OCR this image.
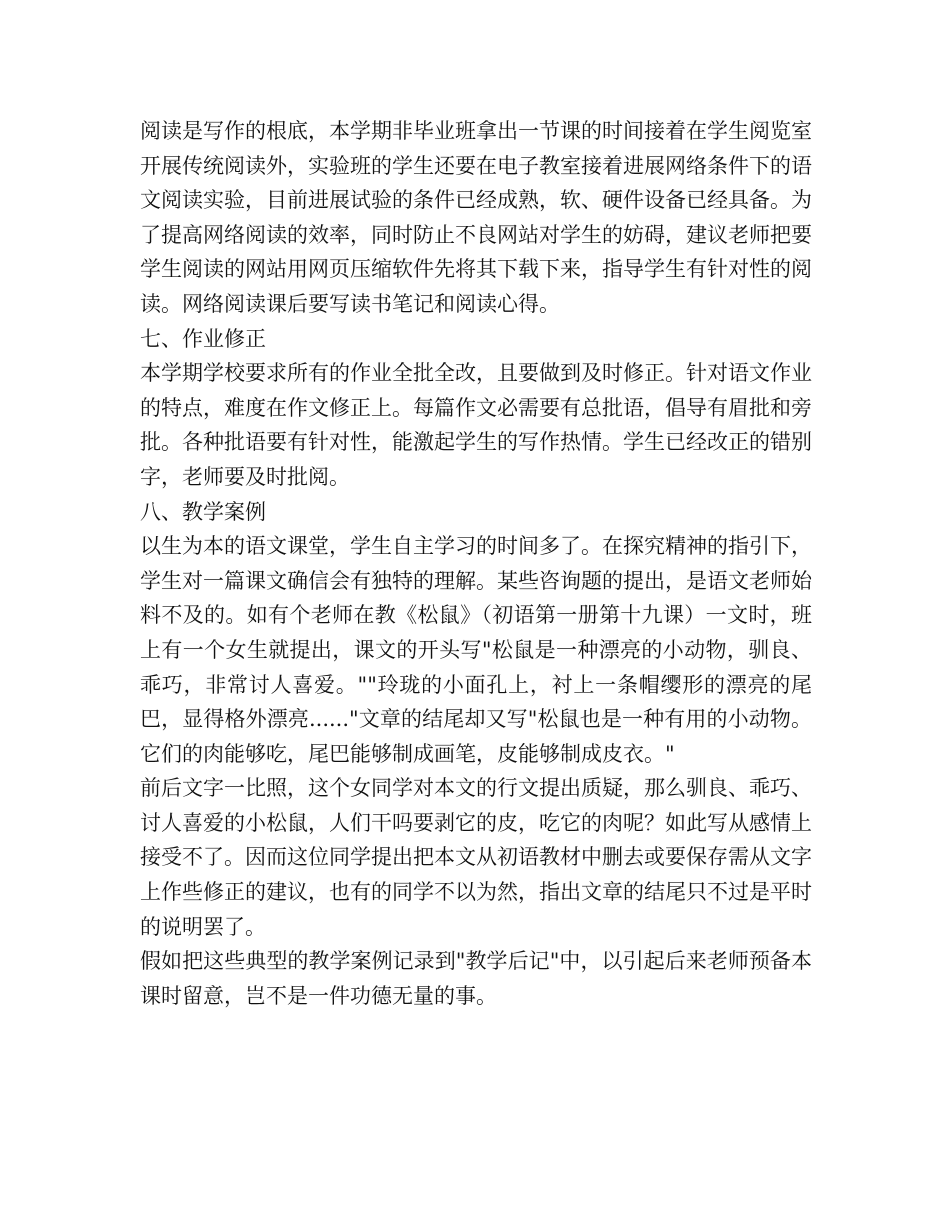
阅读是写作的根底，本学期非毕业班拿出一节课的时间接着在学生阅览室开展传统阅读外，实验班的学生还要在电子教室接着进展网络条件下的语文阅读实验，目前进展试验的条件已经成熟，软、硬件设备已经具备。为了提高网络阅读的效率，同时防止不良网站对学生的妨碍，建议老师把要学生阅读的网站用网页压缩软件先将其下载下来，指导学生有针对性的阅读。网络阅读课后要写读书笔记和阅读心得。

七、作业修正

本学期学校要求所有的作业全批全改，且要做到及时修正。针对语文作业的特点，难度在作文修正上。每篇作文必需要有总批语，倡导有眉批和旁批。各种批语要有针对性，能激起学生的写作热情。学生已经改正的错别字，老师要及时批阅。

八、教学案例

以生为本的语文课堂，学生自主学习的时间多了。在探究精神的指引下，学生对一篇课文确信会有独特的理解。某些咨询题的提出，是语文老师始料不及的。如有个老师在教《松鼠》（初语第一册第十九课）一文时，班上有一个女生就提出，课文的开头写"松鼠是一种漂亮的小动物，驯良、乖巧，非常讨人喜爱。""玲珑的小面孔上，衬上一条帽缨形的漂亮的尾巴，显得格外漂亮......"文章的结尾却又写"松鼠也是一种有用的小动物。它们的肉能够吃，尾巴能够制成画笔，皮能够制成皮衣。"

前后文字一比照，这个女同学对本文的行文提出质疑，那么驯良、乖巧、讨人喜爱的小松鼠，人们干吗要剥它的皮，吃它的肉呢？如此写从感情上接受不了。因而这位同学提出把本文从初语教材中删去或要保存需从文字上作些修正的建议，也有的同学不以为然，指出文章的结尾只不过是平时的说明罢了。

假如把这些典型的教学案例记录到"教学后记"中，以引起后来老师预备本课时留意，岂不是一件功德无量的事。
